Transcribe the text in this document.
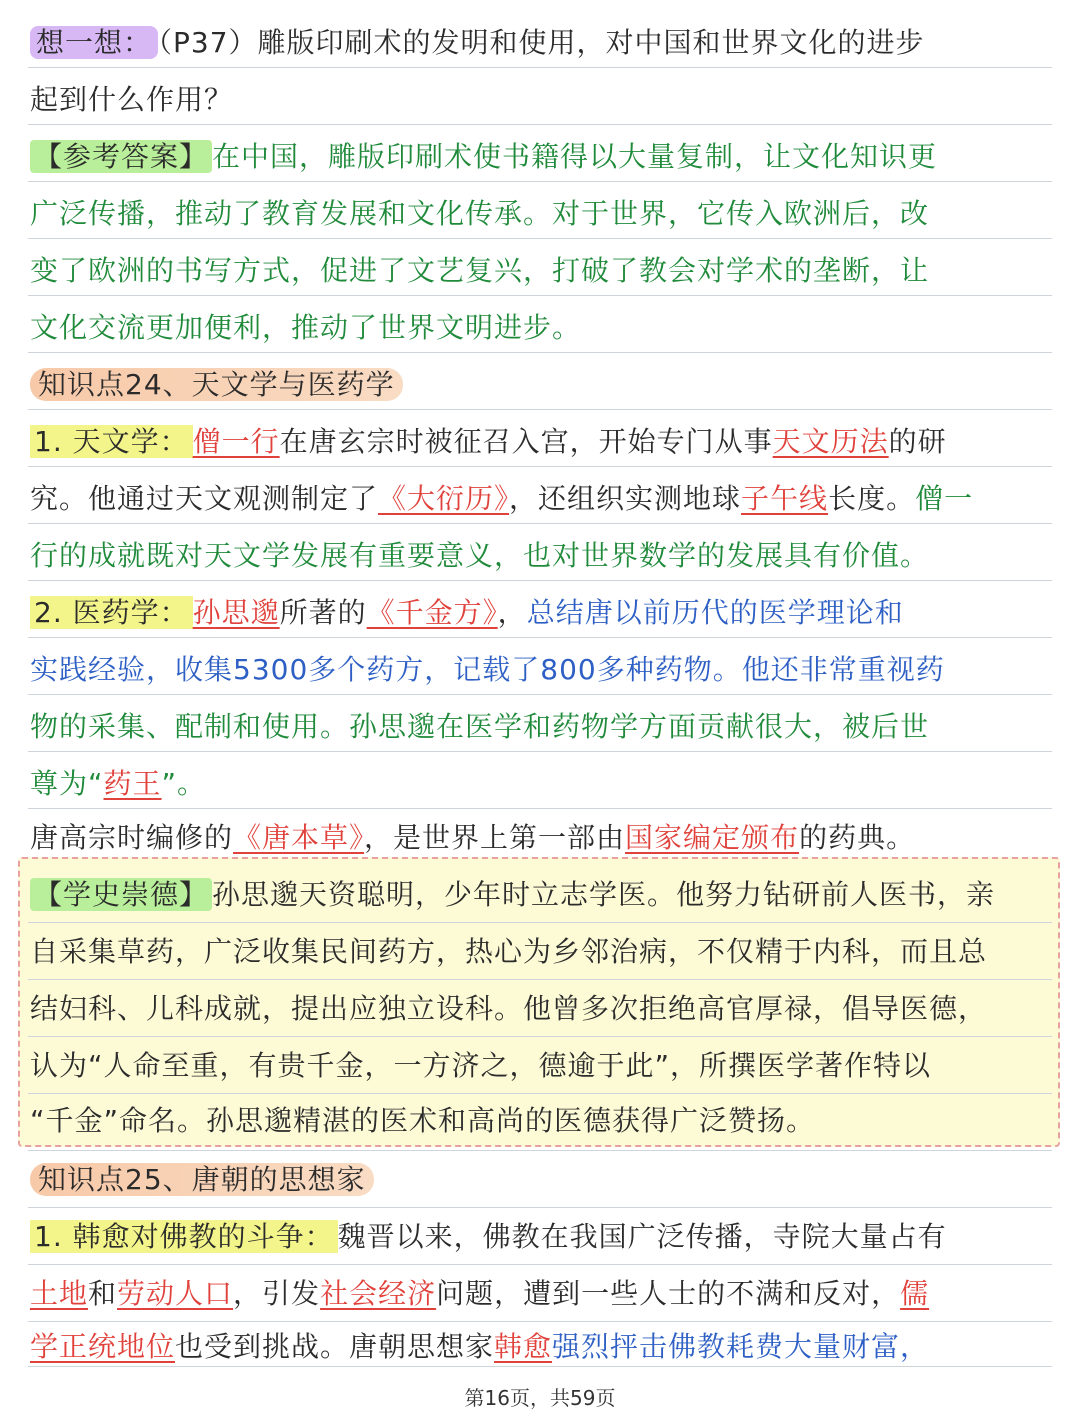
想一想： （P37）雕版印刷术的发明和使用，对中国和世界文化的进步
起到什么作用？
【参考答案】 在中国，雕版印刷术使书籍得以大量复制，让文化知识更
广泛传播，推动了教育发展和文化传承。对于世界，它传入欧洲后，改
变了欧洲的书写方式，促进了文艺复兴，打破了教会对学术的垄断，让
文化交流更加便利，推动了世界文明进步。
知识点24、天文学与医药学
1. 天文学： 僧一行在唐玄宗时被征召入宫，开始专门从事天文历法的研
究。他通过天文观测制定了《大衍历》，还组织实测地球子午线长度。僧一
行的成就既对天文学发展有重要意义，也对世界数学的发展具有价值。
2. 医药学： 孙思邈所著的《千金方》，总结唐以前历代的医学理论和
实践经验，收集5300多个药方，记载了800多种药物。他还非常重视药
物的采集、配制和使用。孙思邈在医学和药物学方面贡献很大，被后世
尊为“药王”。
唐高宗时编修的《唐本草》，是世界上第一部由国家编定颁布的药典。
【学史崇德】 孙思邈天资聪明，少年时立志学医。他努力钻研前人医书，亲
自采集草药，广泛收集民间药方，热心为乡邻治病，不仅精于内科，而且总
结妇科、儿科成就，提出应独立设科。他曾多次拒绝高官厚禄，倡导医德，
认为“人命至重，有贵千金，一方济之，德逾于此”，所撰医学著作特以
“千金”命名。孙思邈精湛的医术和高尚的医德获得广泛赞扬。
知识点25、唐朝的思想家
1. 韩愈对佛教的斗争： 魏晋以来，佛教在我国广泛传播，寺院大量占有
土地和劳动人口，引发社会经济问题，遭到一些人士的不满和反对，儒
学正统地位也受到挑战。唐朝思想家韩愈强烈抨击佛教耗费大量财富，
第16页，共59页
